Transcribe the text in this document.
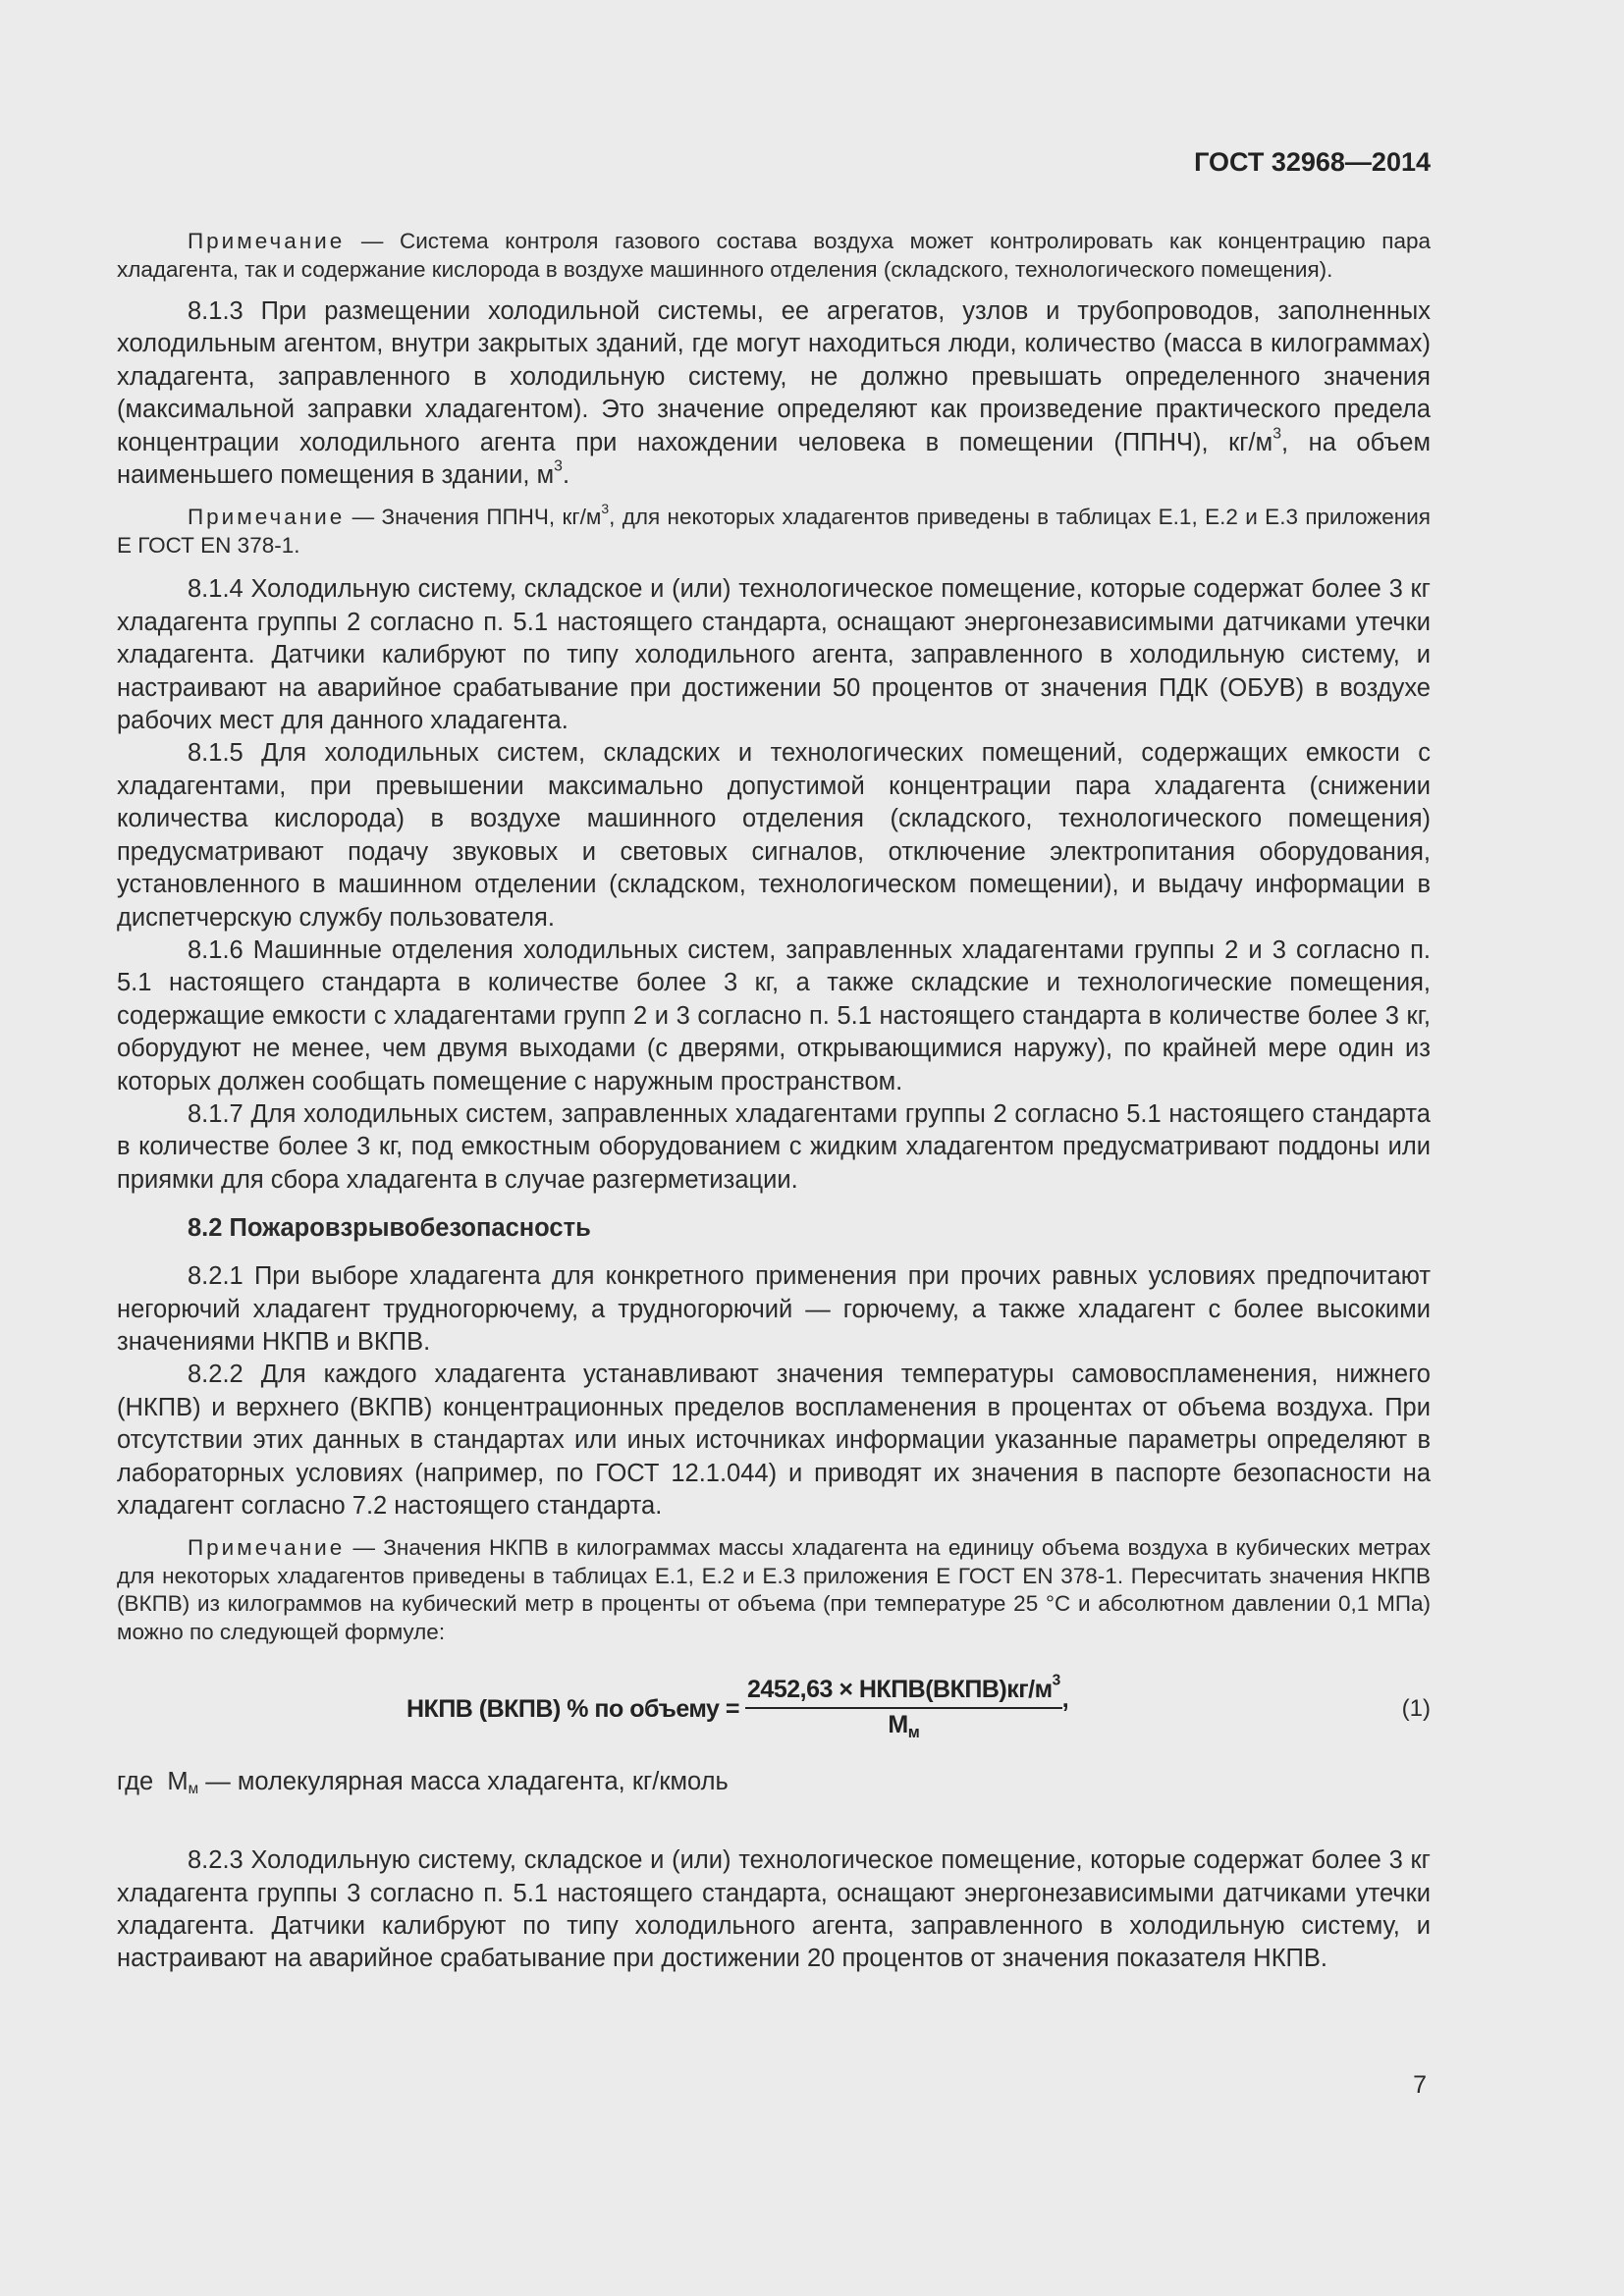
ГОСТ 32968—2014

Примечание — Система контроля газового состава воздуха может контролировать как концентрацию пара хладагента, так и содержание кислорода в воздухе машинного отделения (складского, технологического помещения).

8.1.3 При размещении холодильной системы, ее агрегатов, узлов и трубопроводов, заполненных холодильным агентом, внутри закрытых зданий, где могут находиться люди, количество (масса в килограммах) хладагента, заправленного в холодильную систему, не должно превышать определенного значения (максимальной заправки хладагентом). Это значение определяют как произведение практического предела концентрации холодильного агента при нахождении человека в помещении (ППНЧ), $кг/м^3$, на объем наименьшего помещения в здании, $м^3$.

Примечание — Значения ППНЧ, $кг/м^3$, для некоторых хладагентов приведены в таблицах Е.1, Е.2 и Е.3 приложения Е ГОСТ EN 378-1.

8.1.4 Холодильную систему, складское и (или) технологическое помещение, которые содержат более 3 кг хладагента группы 2 согласно п. 5.1 настоящего стандарта, оснащают энергонезависимыми датчиками утечки хладагента. Датчики калибруют по типу холодильного агента, заправленного в холодильную систему, и настраивают на аварийное срабатывание при достижении 50 процентов от значения ПДК (ОБУВ) в воздухе рабочих мест для данного хладагента.

8.1.5 Для холодильных систем, складских и технологических помещений, содержащих емкости с хладагентами, при превышении максимально допустимой концентрации пара хладагента (снижении количества кислорода) в воздухе машинного отделения (складского, технологического помещения) предусматривают подачу звуковых и световых сигналов, отключение электропитания оборудования, установленного в машинном отделении (складском, технологическом помещении), и выдачу информации в диспетчерскую службу пользователя.

8.1.6 Машинные отделения холодильных систем, заправленных хладагентами группы 2 и 3 согласно п. 5.1 настоящего стандарта в количестве более 3 кг, а также складские и технологические помещения, содержащие емкости с хладагентами групп 2 и 3 согласно п. 5.1 настоящего стандарта в количестве более 3 кг, оборудуют не менее, чем двумя выходами (с дверями, открывающимися наружу), по крайней мере один из которых должен сообщать помещение с наружным пространством.

8.1.7 Для холодильных систем, заправленных хладагентами группы 2 согласно 5.1 настоящего стандарта в количестве более 3 кг, под емкостным оборудованием с жидким хладагентом предусматривают поддоны или приямки для сбора хладагента в случае разгерметизации.

8.2 Пожаровзрывобезопасность

8.2.1 При выборе хладагента для конкретного применения при прочих равных условиях предпочитают негорючий хладагент трудногорючему, а трудногорючий — горючему, а также хладагент с более высокими значениями НКПВ и ВКПВ.

8.2.2 Для каждого хладагента устанавливают значения температуры самовоспламенения, нижнего (НКПВ) и верхнего (ВКПВ) концентрационных пределов воспламенения в процентах от объема воздуха. При отсутствии этих данных в стандартах или иных источниках информации указанные параметры определяют в лабораторных условиях (например, по ГОСТ 12.1.044) и приводят их значения в паспорте безопасности на хладагент согласно 7.2 настоящего стандарта.

Примечание — Значения НКПВ в килограммах массы хладагента на единицу объема воздуха в кубических метрах для некоторых хладагентов приведены в таблицах Е.1, Е.2 и Е.3 приложения Е ГОСТ EN 378-1. Пересчитать значения НКПВ (ВКПВ) из килограммов на кубический метр в проценты от объема (при температуре 25 °С и абсолютном давлении 0,1 МПа) можно по следующей формуле:

НКПВ (ВКПВ) % по объему = $\frac{2452,63 \times НКПВ(ВКПВ)кг/м^3}{М_м}$ ,	(1)

где  $М_м$ — молекулярная масса хладагента, кг/кмоль

8.2.3 Холодильную систему, складское и (или) технологическое помещение, которые содержат более 3 кг хладагента группы 3 согласно п. 5.1 настоящего стандарта, оснащают энергонезависимыми датчиками утечки хладагента. Датчики калибруют по типу холодильного агента, заправленного в холодильную систему, и настраивают на аварийное срабатывание при достижении 20 процентов от значения показателя НКПВ.

7
